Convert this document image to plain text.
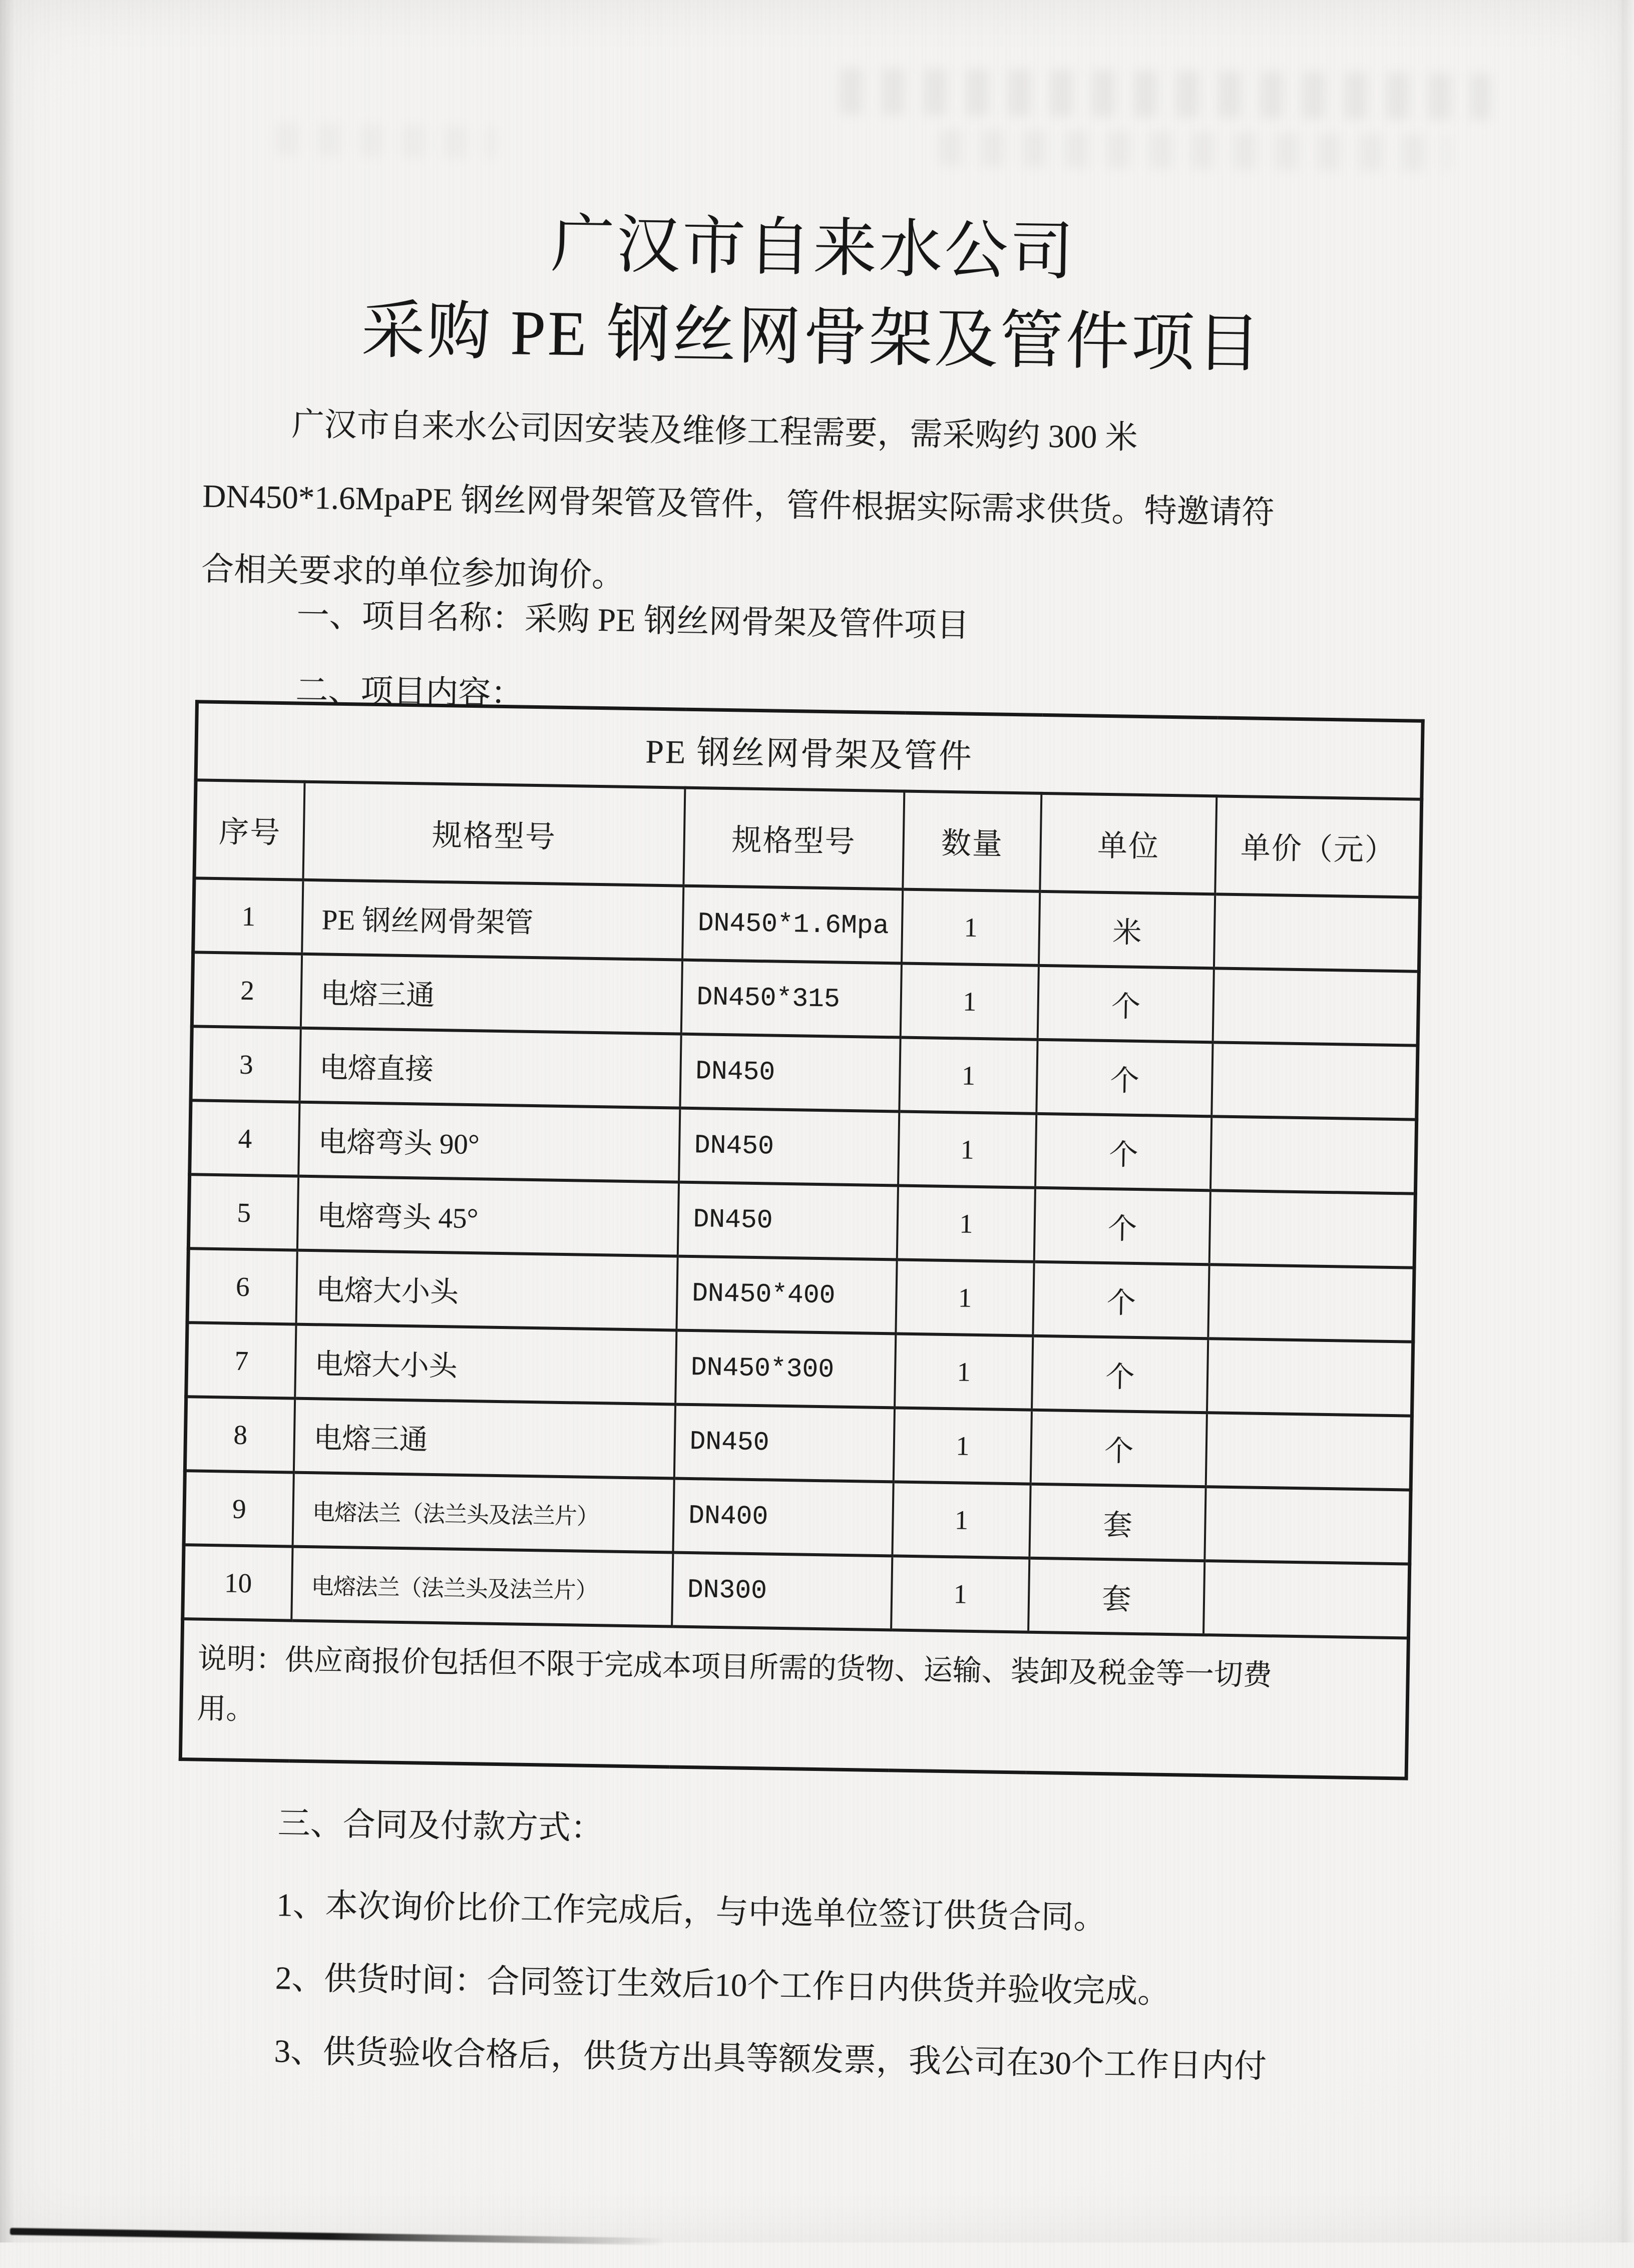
广汉市自来水公司
采购 PE 钢丝网骨架及管件项目
广汉市自来水公司因安装及维修工程需要，需采购约 300 米
DN450*1.6MpaPE 钢丝网骨架管及管件，管件根据实际需求供货。特邀请符
合相关要求的单位参加询价。
一、项目名称：采购 PE 钢丝网骨架及管件项目
二、项目内容：
PE 钢丝网骨架及管件					
序号	规格型号	规格型号	数量	单位	单价（元）
1	PE 钢丝网骨架管	DN450*1.6Mpa	1	米	
2	电熔三通	DN450*315	1	个	
3	电熔直接	DN450	1	个	
4	电熔弯头 90°	DN450	1	个	
5	电熔弯头 45°	DN450	1	个	
6	电熔大小头	DN450*400	1	个	
7	电熔大小头	DN450*300	1	个	
8	电熔三通	DN450	1	个	
9	电熔法兰（法兰头及法兰片）	DN400	1	套	
10	电熔法兰（法兰头及法兰片）	DN300	1	套	

说明：供应商报价包括但不限于完成本项目所需的货物、运输、装卸及税金等一切费
用。					
三、合同及付款方式：
1、本次询价比价工作完成后，与中选单位签订供货合同。
2、供货时间：合同签订生效后10个工作日内供货并验收完成。
3、供货验收合格后，供货方出具等额发票，我公司在30个工作日内付
